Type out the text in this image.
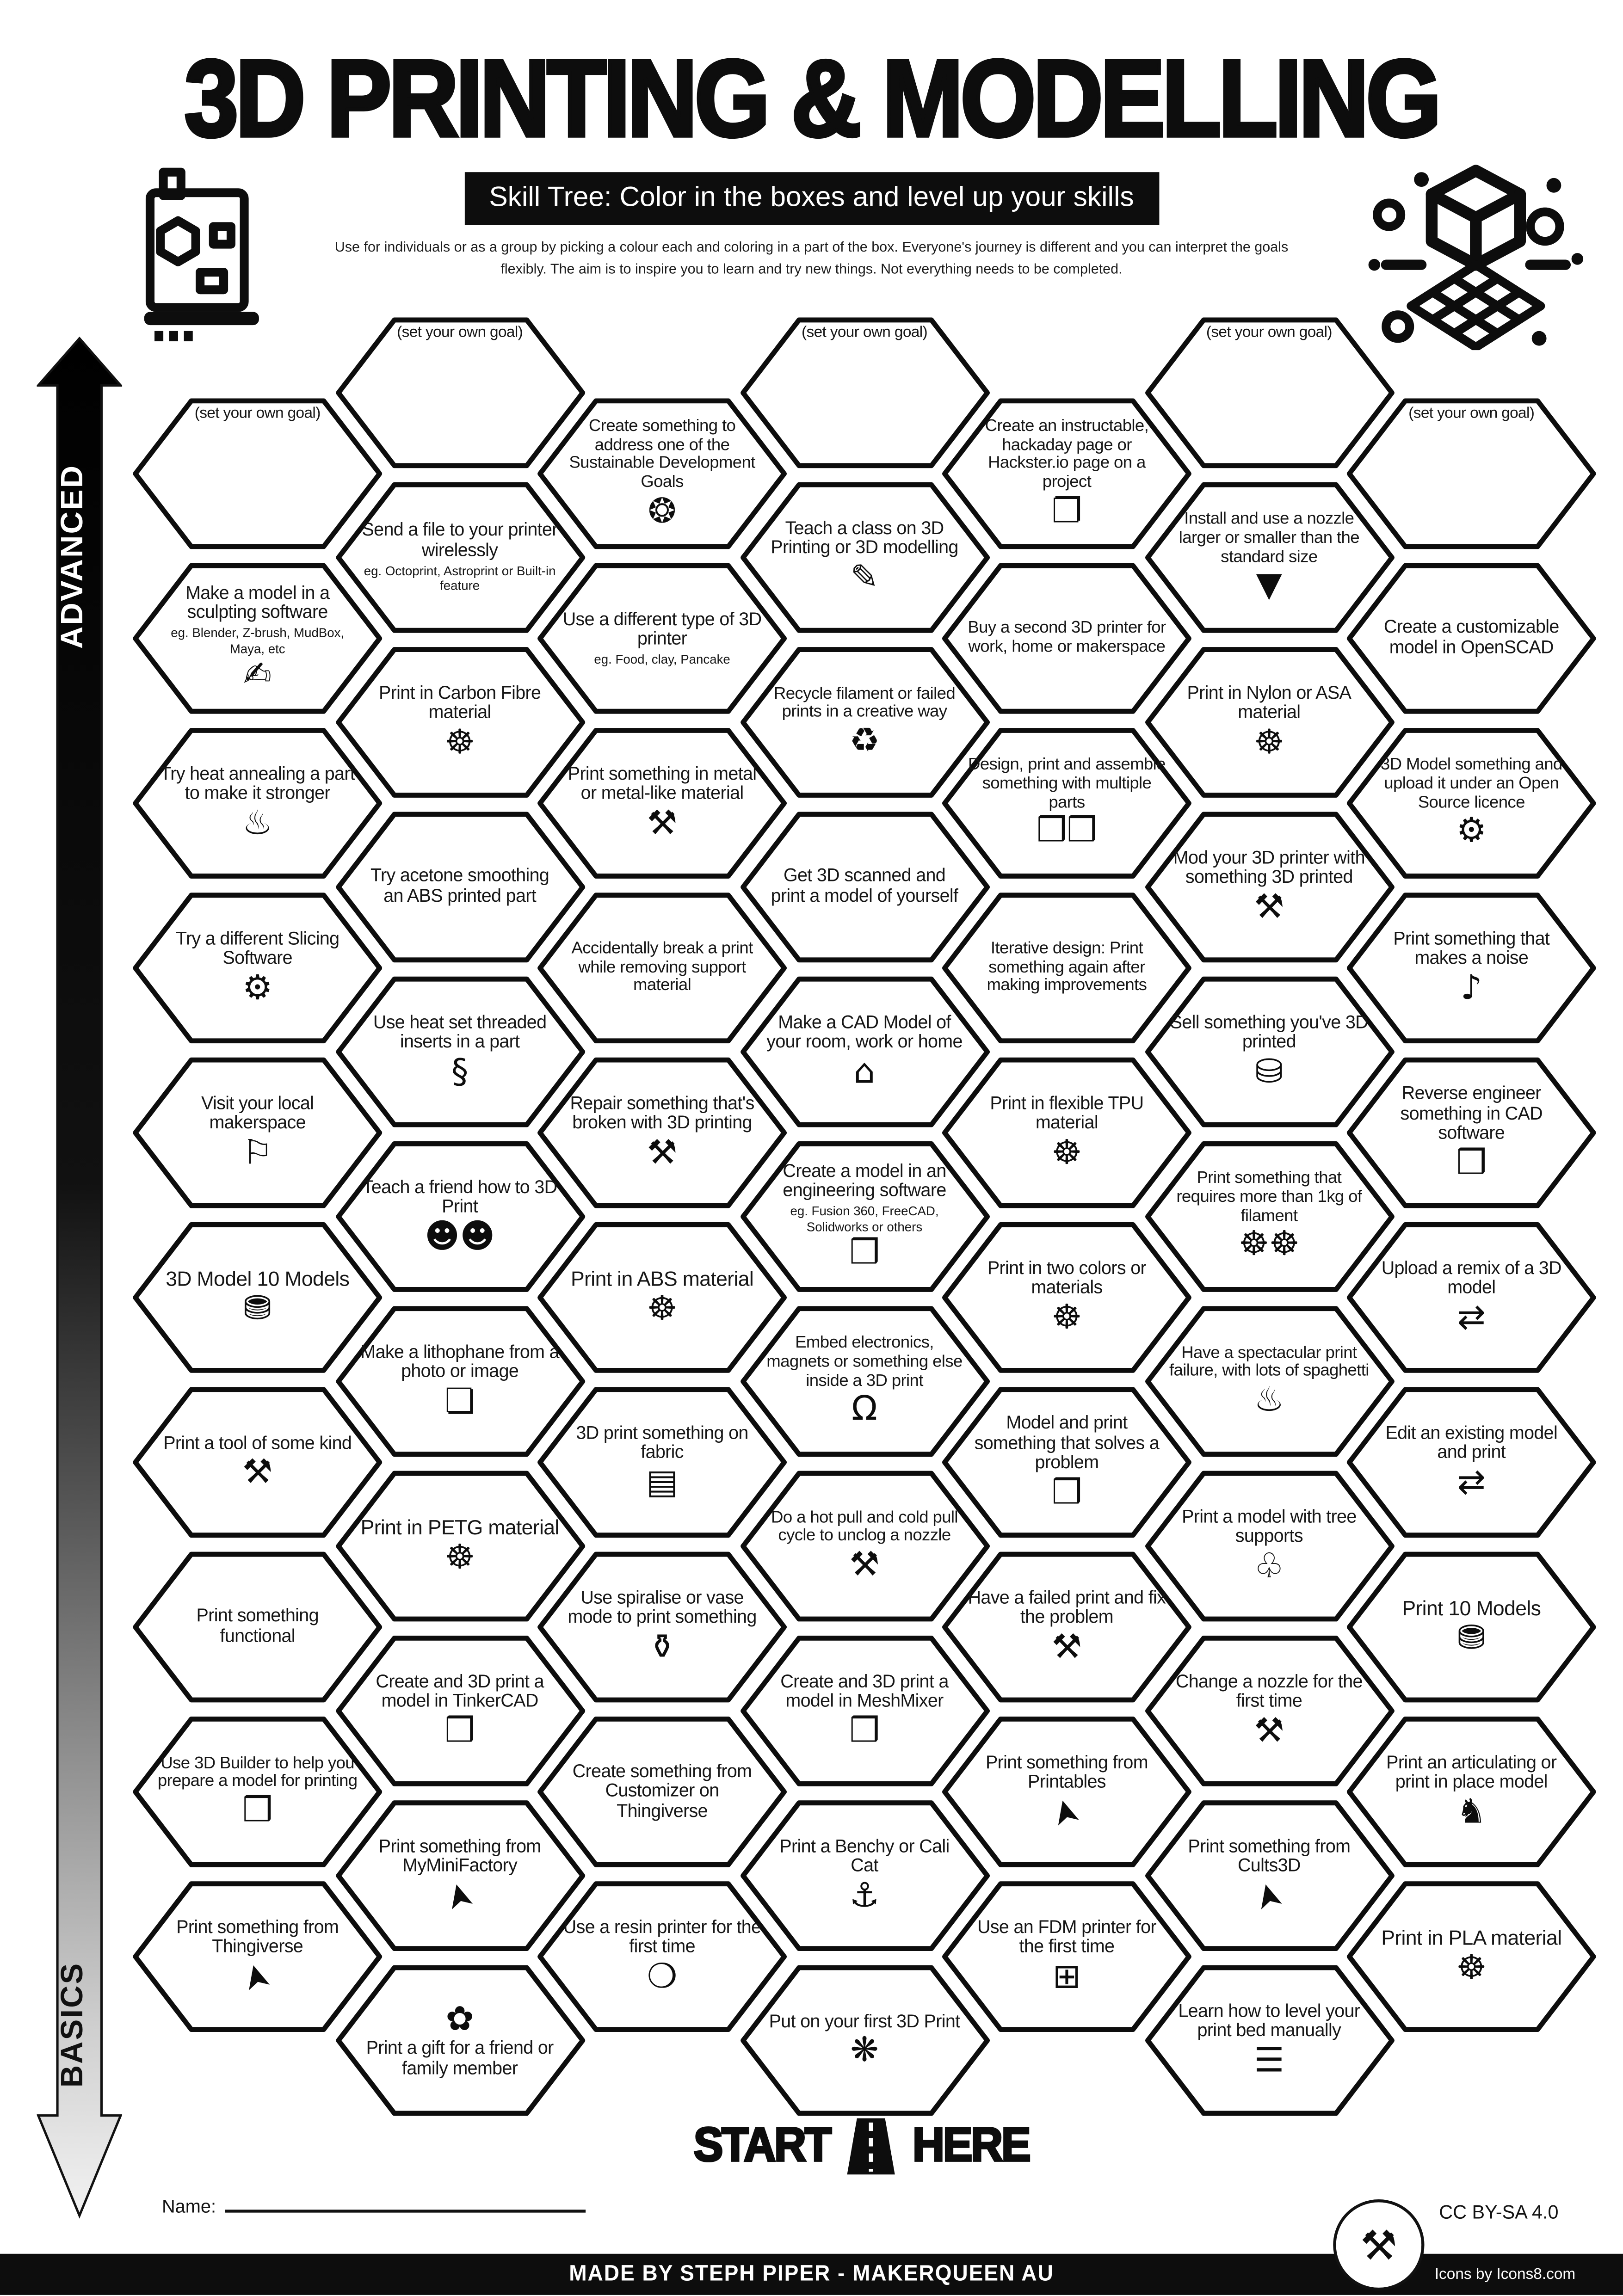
3D PRINTING & MODELLING
Skill Tree: Color in the boxes and level up your skills
Use for individuals or as a group by picking a colour each and coloring in a part of the box. Everyone's journey is different and you can interpret the goals flexibly. The aim is to inspire you to learn and try new things. Not everything needs to be completed.
ADVANCED
BASICS
(set your own goal)
Make a model in a sculpting software
eg. Blender, Z-brush, MudBox, Maya, etc
✍
Try heat annealing a part to make it stronger
♨
Try a different Slicing Software
⚙
Visit your local makerspace
⚐
3D Model 10 Models
⛃
Print a tool of some kind
⚒
Print something functional
Use 3D Builder to help you prepare a model for printing
❒
Print something from Thingiverse
➤
(set your own goal)
Send a file to your printer wirelessly
eg. Octoprint, Astroprint or Built-in feature
Print in Carbon Fibre material
☸
Try acetone smoothing an ABS printed part
Use heat set threaded inserts in a part
§
Teach a friend how to 3D Print
☻☻
Make a lithophane from a photo or image
❏
Print in PETG material
☸
Create and 3D print a model in TinkerCAD
❒
Print something from MyMiniFactory
➤
✿
Print a gift for a friend or family member
Create something to address one of the Sustainable Development Goals
❂
Use a different type of 3D printer
eg. Food, clay, Pancake
Print something in metal or metal-like material
⚒
Accidentally break a print while removing support material
Repair something that's broken with 3D printing
⚒
Print in ABS material
☸
3D print something on fabric
▤
Use spiralise or vase mode to print something
⚱
Create something from Customizer on Thingiverse
Use a resin printer for the first time
❍
(set your own goal)
Teach a class on 3D Printing or 3D modelling
✎
Recycle filament or failed prints in a creative way
♻
Get 3D scanned and print a model of yourself
Make a CAD Model of your room, work or home
⌂
Create a model in an engineering software
eg. Fusion 360, FreeCAD, Solidworks or others
❒
Embed electronics, magnets or something else inside a 3D print
Ω
Do a hot pull and cold pull cycle to unclog a nozzle
⚒
Create and 3D print a model in MeshMixer
❒
Print a Benchy or Cali Cat
⚓
Put on your first 3D Print
❋
Create an instructable, hackaday page or Hackster.io page on a project
❐
Buy a second 3D printer for work, home or makerspace
Design, print and assemble something with multiple parts
❒❒
Iterative design: Print something again after making improvements
Print in flexible TPU material
☸
Print in two colors or materials
☸
Model and print something that solves a problem
❒
Have a failed print and fix the problem
⚒
Print something from Printables
➤
Use an FDM printer for the first time
⊞
(set your own goal)
Install and use a nozzle larger or smaller than the standard size
▼
Print in Nylon or ASA material
☸
Mod your 3D printer with something 3D printed
⚒
Sell something you've 3D printed
⛁
Print something that requires more than 1kg of filament
☸☸
Have a spectacular print failure, with lots of spaghetti
♨
Print a model with tree supports
♧
Change a nozzle for the first time
⚒
Print something from Cults3D
➤
Learn how to level your print bed manually
☰
(set your own goal)
Create a customizable model in OpenSCAD
3D Model something and upload it under an Open Source licence
⚙
Print something that makes a noise
♪
Reverse engineer something in CAD software
❒
Upload a remix of a 3D model
⇄
Edit an existing model and print
⇄
Print 10 Models
⛃
Print an articulating or print in place model
♞
Print in PLA material
☸
START	HERE
Name:
⚒
CC BY-SA 4.0
MADE BY STEPH PIPER - MAKERQUEEN AU	Icons by Icons8.com
